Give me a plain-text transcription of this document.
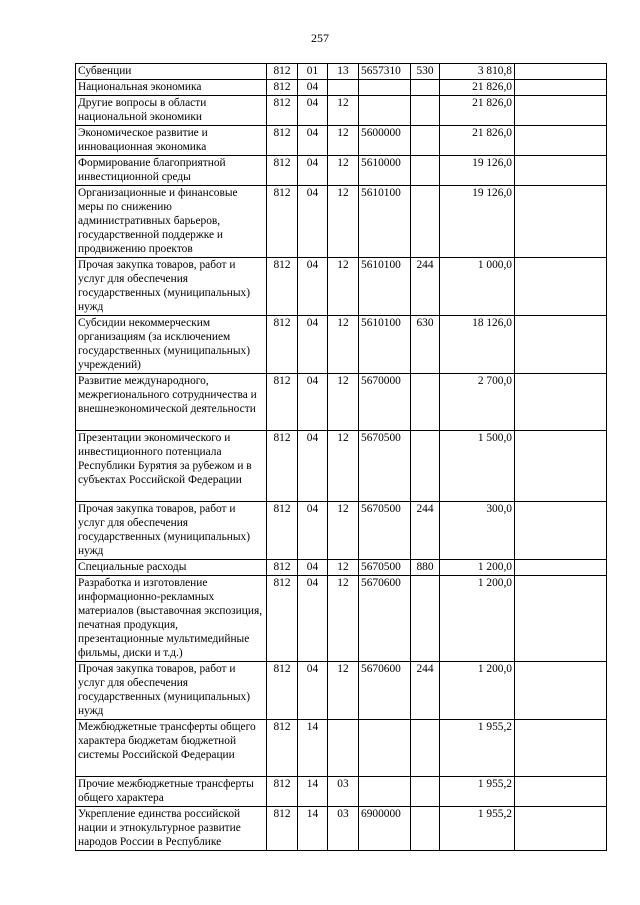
257
Субвенции	812	01	13	5657310	530	3 810,8	
Национальная экономика	812	04				21 826,0	
Другие вопросы в области национальной экономики	812	04	12			21 826,0	
Экономическое развитие и инновационная экономика	812	04	12	5600000		21 826,0	
Формирование благоприятной инвестиционной среды	812	04	12	5610000		19 126,0	
Организационные и финансовые меры по снижению административных барьеров, государственной поддержке и продвижению проектов	812	04	12	5610100		19 126,0	
Прочая закупка товаров, работ и услуг для обеспечения государственных (муниципальных) нужд	812	04	12	5610100	244	1 000,0	
Субсидии некоммерческим организациям (за исключением государственных (муниципальных) учреждений)	812	04	12	5610100	630	18 126,0	
Развитие международного, межрегионального сотрудничества и внешнеэкономической деятельности	812	04	12	5670000		2 700,0	
Презентации экономического и инвестиционного потенциала Республики Бурятия за рубежом и в субъектах Российской Федерации	812	04	12	5670500		1 500,0	
Прочая закупка товаров, работ и услуг для обеспечения государственных (муниципальных) нужд	812	04	12	5670500	244	300,0	
Специальные расходы	812	04	12	5670500	880	1 200,0	
Разработка и изготовление информационно-рекламных материалов (выставочная экспозиция, печатная продукция, презентационные мультимедийные фильмы, диски и т.д.)	812	04	12	5670600		1 200,0	
Прочая закупка товаров, работ и услуг для обеспечения государственных (муниципальных) нужд	812	04	12	5670600	244	1 200,0	
Межбюджетные трансферты общего характера бюджетам бюджетной системы Российской Федерации	812	14				1 955,2	
Прочие межбюджетные трансферты общего характера	812	14	03			1 955,2	
Укрепление единства российской нации и этнокультурное развитие народов России в Республике	812	14	03	6900000		1 955,2	
